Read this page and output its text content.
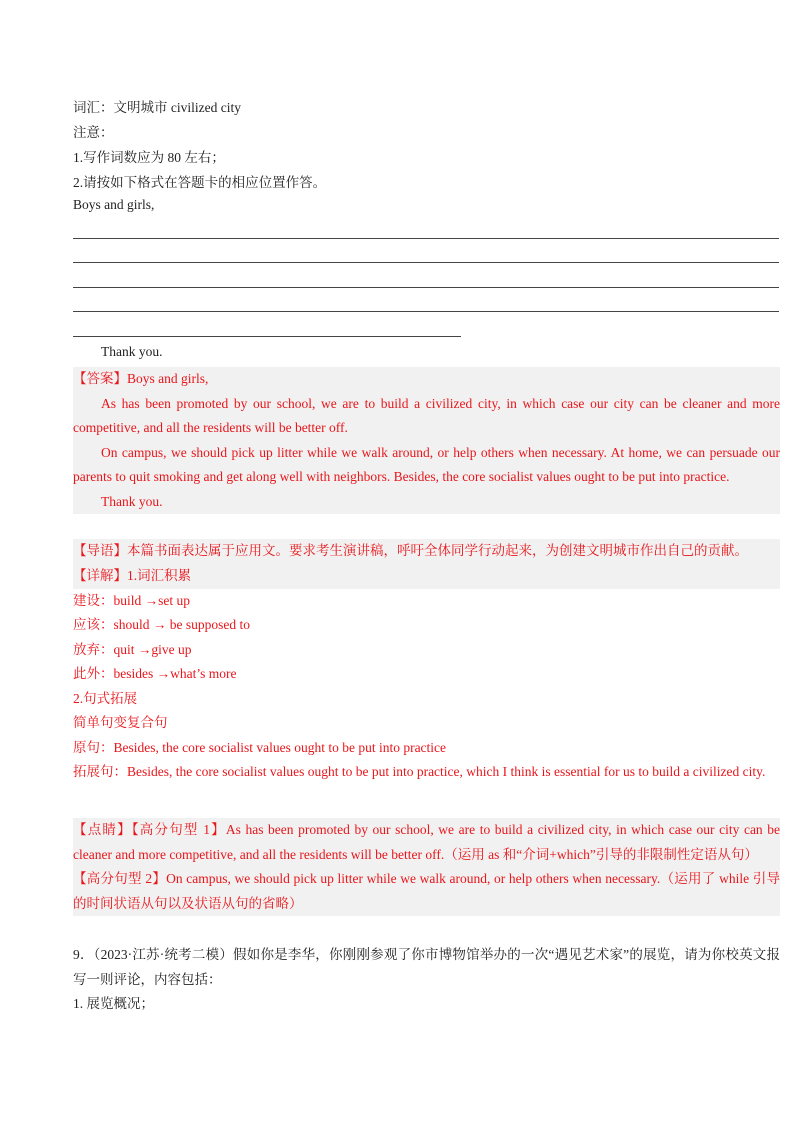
词汇：文明城市 civilized city
注意：
1.写作词数应为 80 左右；
2.请按如下格式在答题卡的相应位置作答。
Boys and girls,
Thank you.

【答案】Boys and girls,

As has been promoted by our school, we are to build a civilized city, in which case our city can be cleaner and more competitive, and all the residents will be better off.

On campus, we should pick up litter while we walk around, or help others when necessary. At home, we can persuade our parents to quit smoking and get along well with neighbors. Besides, the core socialist values ought to be put into practice.

Thank you.

【导语】本篇书面表达属于应用文。要求考生演讲稿，呼吁全体同学行动起来，为创建文明城市作出自己的贡献。

【详解】1.词汇积累

建设：build →set up

应该：should → be supposed to

放弃：quit →give up

此外：besides →what’s more

2.句式拓展

简单句变复合句

原句：Besides, the core socialist values ought to be put into practice

拓展句：Besides, the core socialist values ought to be put into practice, which I think is essential for us to build a civilized city.

【点睛】【高分句型 1】As has been promoted by our school, we are to build a civilized city, in which case our city can be cleaner and more competitive, and all the residents will be better off.（运用 as 和“介词+which”引导的非限制性定语从句）

【高分句型 2】On campus, we should pick up litter while we walk around, or help others when necessary.（运用了 while 引导的时间状语从句以及状语从句的省略）

9．（2023·江苏·统考二模）假如你是李华，你刚刚参观了你市博物馆举办的一次“遇见艺术家”的展览，请为你校英文报写一则评论，内容包括：

1. 展览概况；
